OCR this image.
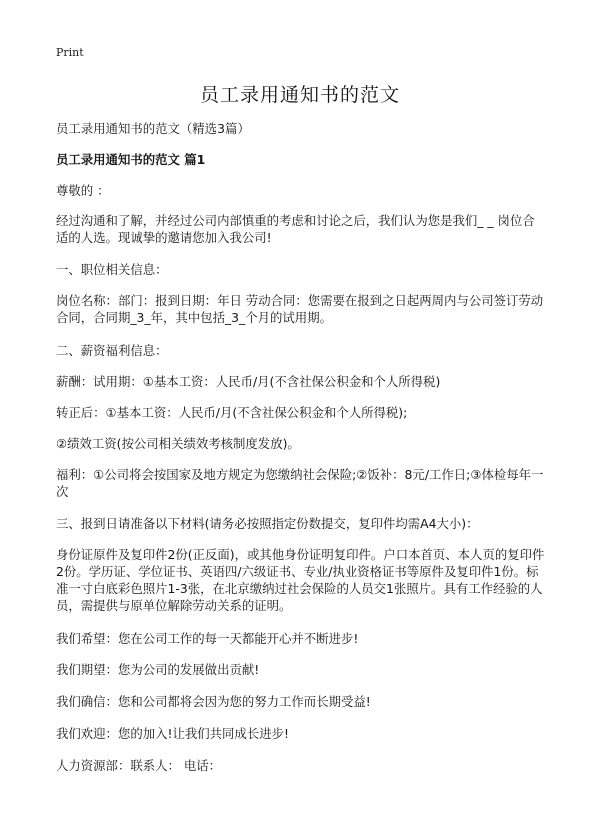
Print
员工录用通知书的范文
员工录用通知书的范文（精选3篇）
员工录用通知书的范文 篇1
尊敬的 ：
经过沟通和了解，并经过公司内部慎重的考虑和讨论之后，我们认为您是我们_ _ 岗位合适的人选。现诚挚的邀请您加入我公司!
一、职位相关信息：
岗位名称：部门：报到日期：年日 劳动合同：您需要在报到之日起两周内与公司签订劳动合同，合同期_3_年，其中包括_3_个月的试用期。
二、薪资福利信息：
薪酬：试用期：①基本工资：人民币/月(不含社保公积金和个人所得税)
转正后：①基本工资：人民币/月(不含社保公积金和个人所得税);
②绩效工资(按公司相关绩效考核制度发放)。
福利：①公司将会按国家及地方规定为您缴纳社会保险;②饭补：8元/工作日;③体检每年一次
三、报到日请准备以下材料(请务必按照指定份数提交，复印件均需A4大小)：
身份证原件及复印件2份(正反面)，或其他身份证明复印件。户口本首页、本人页的复印件2份。学历证、学位证书、英语四/六级证书、专业/执业资格证书等原件及复印件1份。标准一寸白底彩色照片1-3张，在北京缴纳过社会保险的人员交1张照片。具有工作经验的人员，需提供与原单位解除劳动关系的证明。
我们希望：您在公司工作的每一天都能开心并不断进步!
我们期望：您为公司的发展做出贡献!
我们确信：您和公司都将会因为您的努力工作而长期受益!
我们欢迎：您的加入!让我们共同成长进步!
人力资源部：联系人： 电话：
